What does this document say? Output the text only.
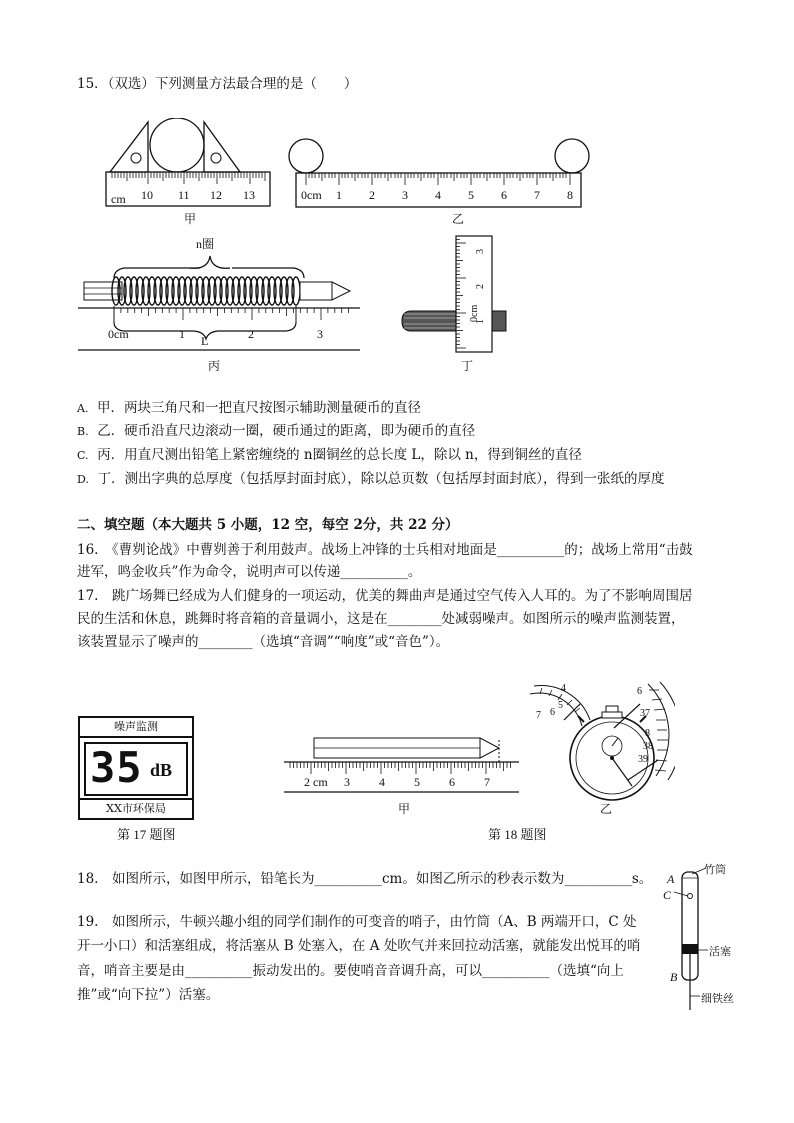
15．（双选）下列测量方法最合理的是（　　）
cm 10 11 12 13
甲
0cm 1 2 3 4 5 6 7 8
乙
n圈
0cm	1	2	3
L
丙
0cm
1
2
3
丁
A. 甲．两块三角尺和一把直尺按图示辅助测量硬币的直径
B. 乙．硬币沿直尺边滚动一圈，硬币通过的距离，即为硬币的直径
C. 丙．用直尺测出铅笔上紧密缠绕的 n圈铜丝的总长度 L，除以 n，得到铜丝的直径
D. 丁．测出字典的总厚度（包括厚封面封底），除以总页数（包括厚封面封底），得到一张纸的厚度
二、填空题（本大题共 5 小题，12 空，每空 2分，共 22 分）
16.　《曹刿论战》中曹刿善于利用鼓声。战场上冲锋的士兵相对地面是__________的；战场上常用“击鼓
进军，鸣金收兵”作为命令，说明声可以传递__________。
17.　跳广场舞已经成为人们健身的一项运动，优美的舞曲声是通过空气传入人耳的。为了不影响周围居
民的生活和休息，跳舞时将音箱的音量调小，这是在________处减弱噪声。如图所示的噪声监测装置，
该装置显示了噪声的________（选填“音调”“响度”或“音色”）。
噪声监测
35 dB
XX市环保局
第 17 题图
2 cm 3 4 5 6 7
甲
4
5
6
7
6
37
8
38
39
乙
第 18 题图
18.　如图所示，如图甲所示，铅笔长为__________cm。如图乙所示的秒表示数为__________s。
竹筒
A
C
活塞
B
细铁丝
19.　如图所示，牛顿兴趣小组的同学们制作的可变音的哨子，由竹筒（A、B 两端开口，C 处
开一小口）和活塞组成，将活塞从 B 处塞入，在 A 处吹气并来回拉动活塞，就能发出悦耳的哨
音，哨音主要是由__________振动发出的。要使哨音音调升高，可以__________（选填“向上
推”或“向下拉”）活塞。
